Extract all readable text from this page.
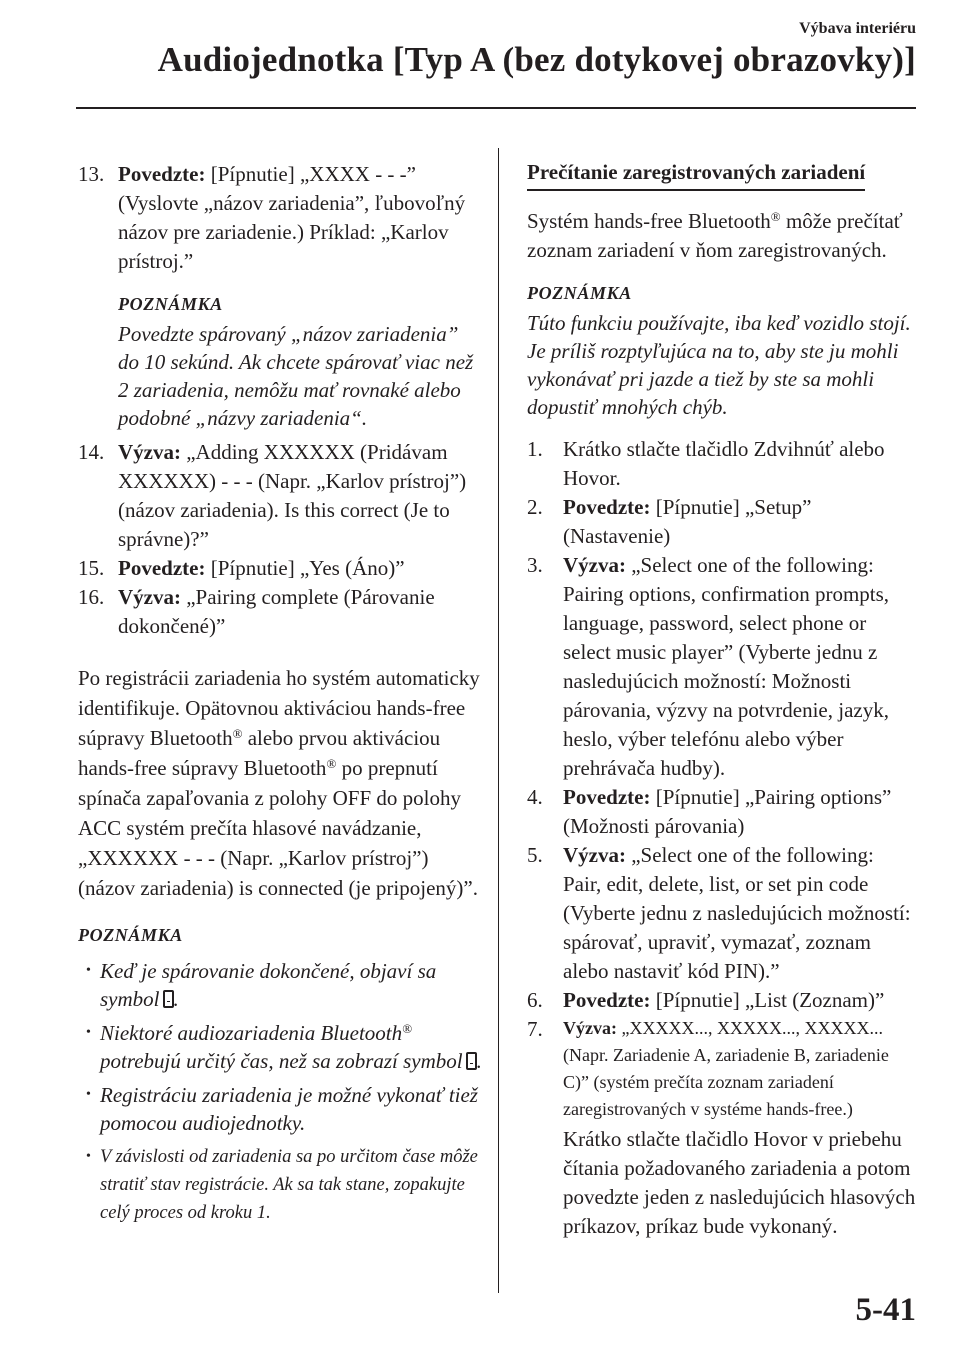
Výbava interiéru
Audiojednotka [Typ A (bez dotykovej obrazovky)]
13. Povedzte: [Pípnutie] „XXXX - - -” (Vyslovte „názov zariadenia”, ľubovoľný názov pre zariadenie.) Príklad: „Karlov prístroj.”
POZNÁMKA
Povedzte spárovaný „názov zariadenia” do 10 sekúnd. Ak chcete spárovať viac než 2 zariadenia, nemôžu mať rovnaké alebo podobné „názvy zariadenia“.
14. Výzva: „Adding XXXXXX (Pridávam XXXXXX) - - - (Napr. „Karlov prístroj”) (názov zariadenia). Is this correct (Je to správne)?”
15. Povedzte: [Pípnutie] „Yes (Áno)”
16. Výzva: „Pairing complete (Párovanie dokončené)”
Po registrácii zariadenia ho systém automaticky identifikuje. Opätovnou aktiváciou hands-free súpravy Bluetooth® alebo prvou aktiváciou hands-free súpravy Bluetooth® po prepnutí spínača zapaľovania z polohy OFF do polohy ACC systém prečíta hlasové navádzanie, „XXXXXX - - - (Napr. „Karlov prístroj”) (názov zariadenia) is connected (je pripojený)”.
POZNÁMKA
• Keď je spárovanie dokončené, objaví sa symbol .
• Niektoré audiozariadenia Bluetooth® potrebujú určitý čas, než sa zobrazí symbol .
• Registráciu zariadenia je možné vykonať tiež pomocou audiojednotky.
• V závislosti od zariadenia sa po určitom čase môže stratiť stav registrácie. Ak sa tak stane, zopakujte celý proces od kroku 1.
Prečítanie zaregistrovaných zariadení
Systém hands-free Bluetooth® môže prečítať zoznam zariadení v ňom zaregistrovaných.
POZNÁMKA
Túto funkciu používajte, iba keď vozidlo stojí. Je príliš rozptyľujúca na to, aby ste ju mohli vykonávať pri jazde a tiež by ste sa mohli dopustiť mnohých chýb.
1. Krátko stlačte tlačidlo Zdvihnúť alebo Hovor.
2. Povedzte: [Pípnutie] „Setup” (Nastavenie)
3. Výzva: „Select one of the following: Pairing options, confirmation prompts, language, password, select phone or select music player” (Vyberte jednu z nasledujúcich možností: Možnosti párovania, výzvy na potvrdenie, jazyk, heslo, výber telefónu alebo výber prehrávača hudby).
4. Povedzte: [Pípnutie] „Pairing options” (Možnosti párovania)
5. Výzva: „Select one of the following: Pair, edit, delete, list, or set pin code (Vyberte jednu z nasledujúcich možností: spárovať, upraviť, vymazať, zoznam alebo nastaviť kód PIN).”
6. Povedzte: [Pípnutie] „List (Zoznam)”
7. Výzva: „XXXXX..., XXXXX..., XXXXX... (Napr. Zariadenie A, zariadenie B, zariadenie C)” (systém prečíta zoznam zariadení zaregistrovaných v systéme hands-free.)
Krátko stlačte tlačidlo Hovor v priebehu čítania požadovaného zariadenia a potom povedzte jeden z nasledujúcich hlasových príkazov, príkaz bude vykonaný.
5-41
